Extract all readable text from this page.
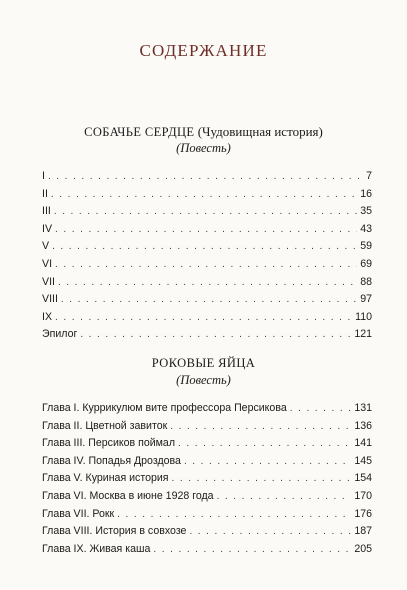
СОДЕРЖАНИЕ
СОБАЧЬЕ СЕРДЦЕ (Чудовищная история)
(Повесть)
I . . .	7
II . . .	16
III . . .	35
IV . . .	43
V . . .	59
VI . . .	69
VII . . .	88
VIII . . .	97
IX . . .	110
Эпилог . . .	121
РОКОВЫЕ ЯЙЦА
(Повесть)
Глава I. Куррикулюм вите профессора Персикова . . .	131
Глава II. Цветной завиток . . .	136
Глава III. Персиков поймал . . .	141
Глава IV. Попадья Дроздова . . .	145
Глава V. Куриная история . . .	154
Глава VI. Москва в июне 1928 года . . .	170
Глава VII. Рокк . . .	176
Глава VIII. История в совхозе . . .	187
Глава IX. Живая каша . . .	205
